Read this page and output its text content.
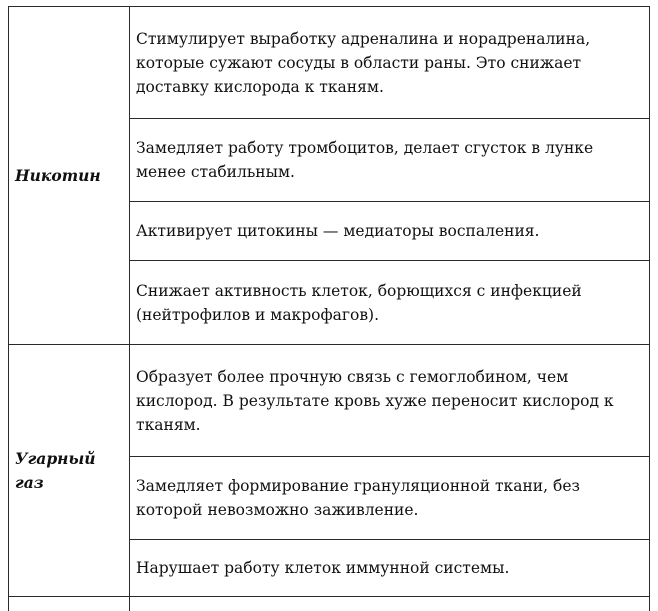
Никотин	Стимулирует выработку адреналина и норадреналина, которые сужают сосуды в области раны. Это снижает доставку кислорода к тканям.
	Замедляет работу тромбоцитов, делает сгусток в лунке менее стабильным.
	Активирует цитокины — медиаторы воспаления.
	Снижает активность клеток, борющихся с инфекцией (нейтрофилов и макрофагов).
Угарный газ	Образует более прочную связь с гемоглобином, чем кислород. В результате кровь хуже переносит кислород к тканям.
	Замедляет формирование грануляционной ткани, без которой невозможно заживление.
	Нарушает работу клеток иммунной системы.
